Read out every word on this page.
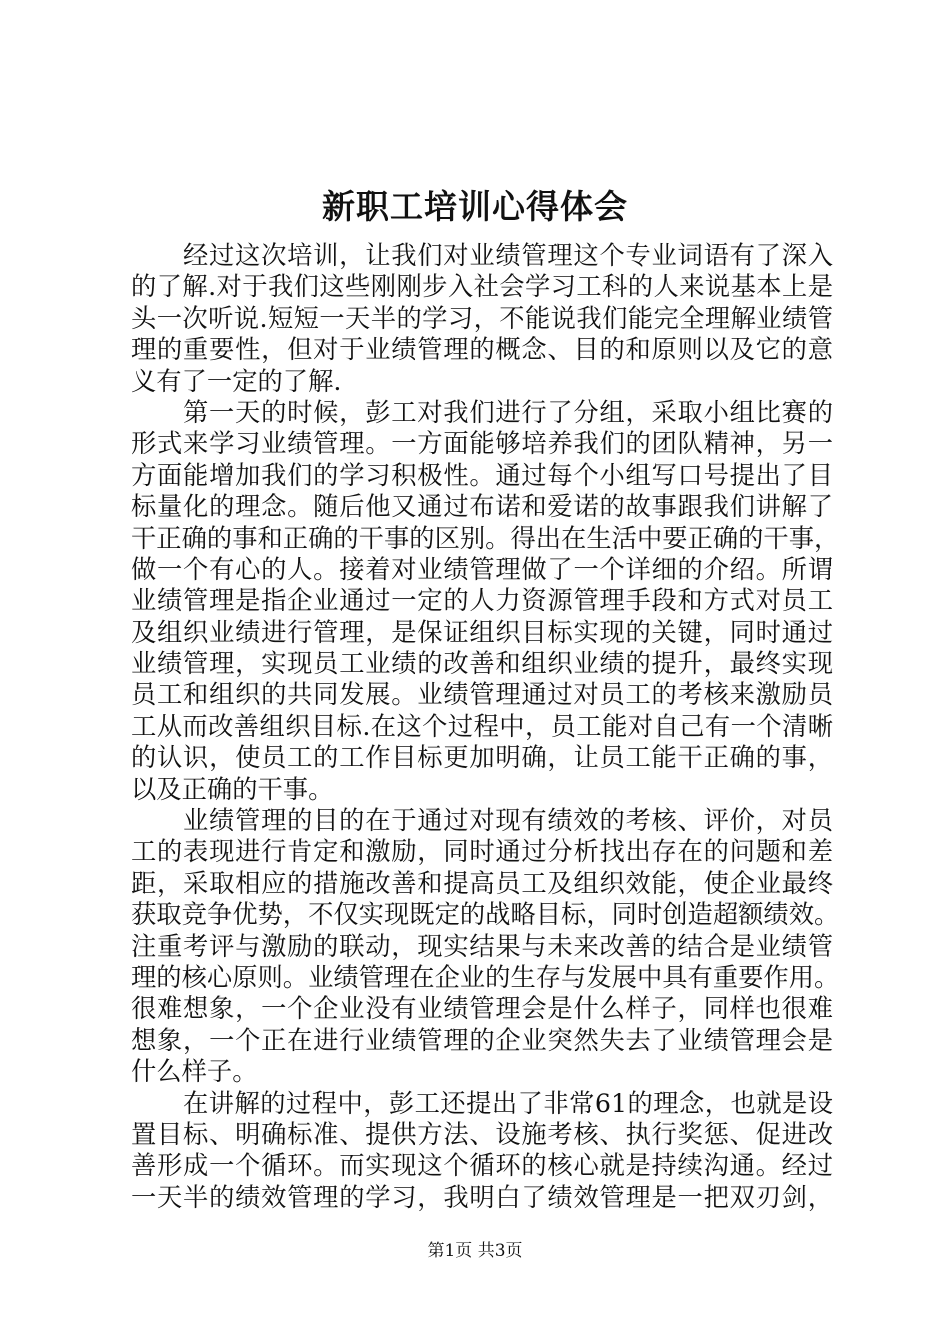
新职工培训心得体会
经过这次培训，让我们对业绩管理这个专业词语有了深入
的了解.对于我们这些刚刚步入社会学习工科的人来说基本上是
头一次听说.短短一天半的学习，不能说我们能完全理解业绩管
理的重要性，但对于业绩管理的概念、目的和原则以及它的意
义有了一定的了解.
第一天的时候，彭工对我们进行了分组，采取小组比赛的
形式来学习业绩管理。一方面能够培养我们的团队精神，另一
方面能增加我们的学习积极性。通过每个小组写口号提出了目
标量化的理念。随后他又通过布诺和爱诺的故事跟我们讲解了
干正确的事和正确的干事的区别。得出在生活中要正确的干事，
做一个有心的人。接着对业绩管理做了一个详细的介绍。所谓
业绩管理是指企业通过一定的人力资源管理手段和方式对员工
及组织业绩进行管理，是保证组织目标实现的关键，同时通过
业绩管理，实现员工业绩的改善和组织业绩的提升，最终实现
员工和组织的共同发展。业绩管理通过对员工的考核来激励员
工从而改善组织目标.在这个过程中，员工能对自己有一个清晰
的认识，使员工的工作目标更加明确，让员工能干正确的事，
以及正确的干事。
业绩管理的目的在于通过对现有绩效的考核、评价，对员
工的表现进行肯定和激励，同时通过分析找出存在的问题和差
距，采取相应的措施改善和提高员工及组织效能，使企业最终
获取竞争优势，不仅实现既定的战略目标，同时创造超额绩效。
注重考评与激励的联动，现实结果与未来改善的结合是业绩管
理的核心原则。业绩管理在企业的生存与发展中具有重要作用。
很难想象，一个企业没有业绩管理会是什么样子，同样也很难
想象，一个正在进行业绩管理的企业突然失去了业绩管理会是
什么样子。
在讲解的过程中，彭工还提出了非常61的理念，也就是设
置目标、明确标准、提供方法、设施考核、执行奖惩、促进改
善形成一个循环。而实现这个循环的核心就是持续沟通。经过
一天半的绩效管理的学习，我明白了绩效管理是一把双刃剑，
第1页 共3页
